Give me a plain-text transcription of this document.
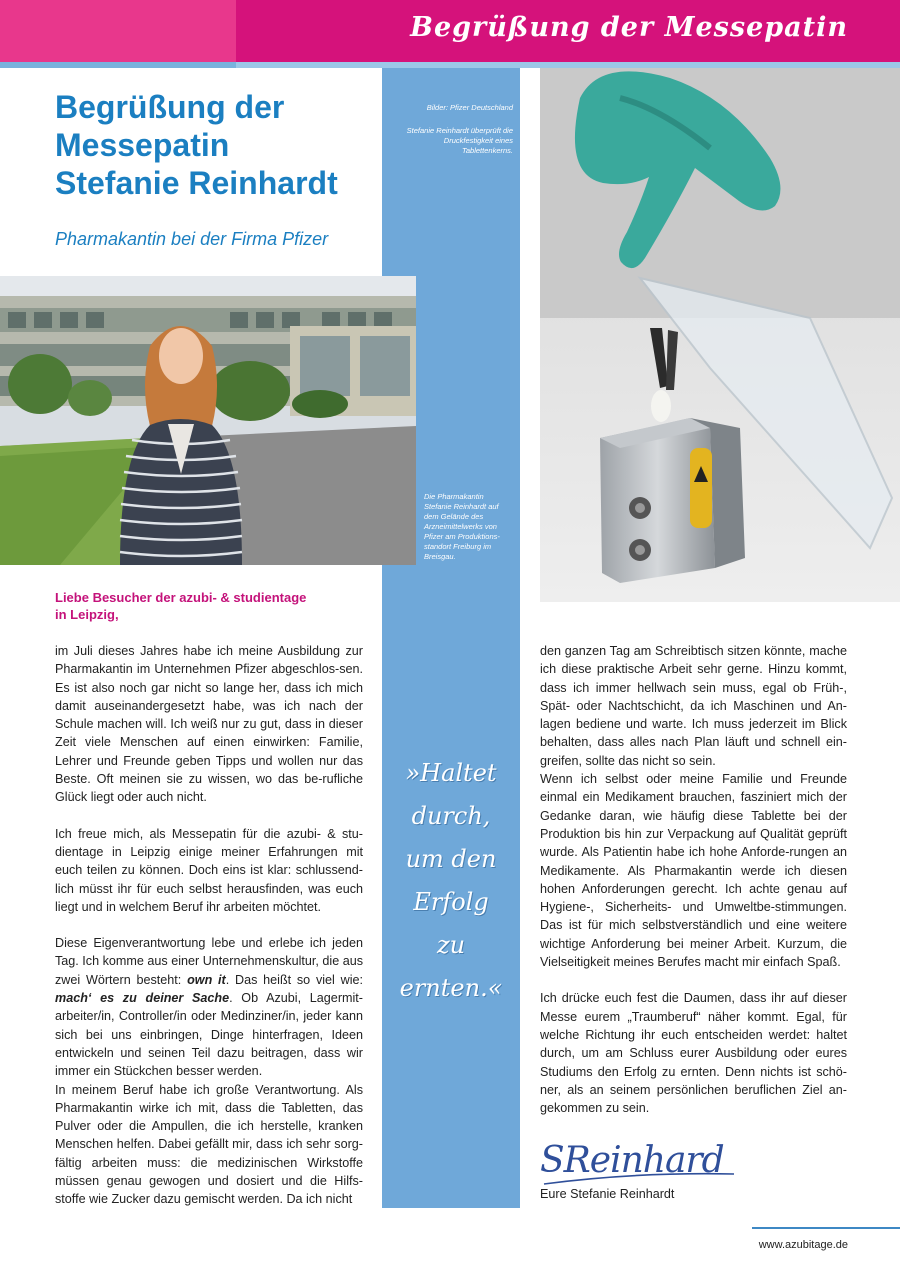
Begrüßung der Messepatin
Bilder: Pfizer Deutschland
Stefanie Reinhardt überprüft die Druckfestigkeit eines Tablettenkerns.
Die Pharmakantin Stefanie Reinhardt auf dem Gelände des Arzneimittelwerks von Pfizer am Produktions-standort Freiburg im Breisgau.
»Haltet
durch,
um den
Erfolg
zu
ernten.«
Begrüßung der
Messepatin
Stefanie Reinhardt
Pharmakantin bei der Firma Pfizer
Liebe Besucher der azubi- & studientage
in Leipzig,

im Juli dieses Jahres habe ich meine Ausbildung zur Pharmakantin im Unternehmen Pfizer abgeschlos-sen. Es ist also noch gar nicht so lange her, dass ich mich damit auseinandergesetzt habe, was ich nach der Schule machen will. Ich weiß nur zu gut, dass in dieser Zeit viele Menschen auf einen einwirken: Familie, Lehrer und Freunde geben Tipps und wollen nur das Beste. Oft meinen sie zu wissen, wo das be-rufliche Glück liegt oder auch nicht.

Ich freue mich, als Messepatin für die azubi- & stu-dientage in Leipzig einige meiner Erfahrungen mit euch teilen zu können. Doch eins ist klar: schlussend-lich müsst ihr für euch selbst herausfinden, was euch liegt und in welchem Beruf ihr arbeiten möchtet.

Diese Eigenverantwortung lebe und erlebe ich jeden Tag. Ich komme aus einer Unternehmenskultur, die aus zwei Wörtern besteht: own it. Das heißt so viel wie: mach‘ es zu deiner Sache. Ob Azubi, Lagermit-arbeiter/in, Controller/in oder Medinziner/in, jeder kann sich bei uns einbringen, Dinge hinterfragen, Ideen entwickeln und seinen Teil dazu beitragen, dass wir immer ein Stückchen besser werden.

In meinem Beruf habe ich große Verantwortung. Als Pharmakantin wirke ich mit, dass die Tabletten, das Pulver oder die Ampullen, die ich herstelle, kranken Menschen helfen. Dabei gefällt mir, dass ich sehr sorg-fältig arbeiten muss: die medizinischen Wirkstoffe müssen genau gewogen und dosiert und die Hilfs-stoffe wie Zucker dazu gemischt werden. Da ich nicht

den ganzen Tag am Schreibtisch sitzen könnte, mache ich diese praktische Arbeit sehr gerne. Hinzu kommt, dass ich immer hellwach sein muss, egal ob Früh-, Spät- oder Nachtschicht, da ich Maschinen und An-lagen bediene und warte. Ich muss jederzeit im Blick behalten, dass alles nach Plan läuft und schnell ein-greifen, sollte das nicht so sein.

Wenn ich selbst oder meine Familie und Freunde einmal ein Medikament brauchen, fasziniert mich der Gedanke daran, wie häufig diese Tablette bei der Produktion bis hin zur Verpackung auf Qualität geprüft wurde. Als Patientin habe ich hohe Anforde-rungen an Medikamente. Als Pharmakantin werde ich diesen hohen Anforderungen gerecht. Ich achte genau auf Hygiene-, Sicherheits- und Umweltbe-stimmungen. Das ist für mich selbstverständlich und eine weitere wichtige Anforderung bei meiner Arbeit. Kurzum, die Vielseitigkeit meines Berufes macht mir einfach Spaß.

Ich drücke euch fest die Daumen, dass ihr auf dieser Messe eurem „Traumberuf“ näher kommt. Egal, für welche Richtung ihr euch entscheiden werdet: haltet durch, um am Schluss eurer Ausbildung oder eures Studiums den Erfolg zu ernten. Denn nichts ist schö-ner, als an seinem persönlichen beruflichen Ziel an-gekommen zu sein.

SReinhard
Eure Stefanie Reinhardt
www.azubitage.de
